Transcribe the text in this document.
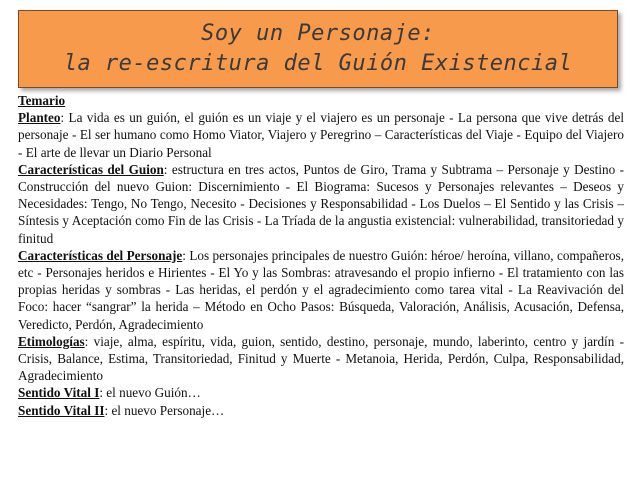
Soy un Personaje:
la re-escritura del Guión Existencial

Temario

Planteo: La vida es un guión, el guión es un viaje y el viajero es un personaje - La persona que vive detrás del personaje - El ser humano como Homo Viator, Viajero y Peregrino – Características del Viaje - Equipo del Viajero - El arte de llevar un Diario Personal

Características del Guion: estructura en tres actos, Puntos de Giro, Trama y Subtrama – Personaje y Destino - Construcción del nuevo Guion: Discernimiento - El Biograma: Sucesos y Personajes relevantes – Deseos y Necesidades: Tengo, No Tengo, Necesito - Decisiones y Responsabilidad - Los Duelos – El Sentido y las Crisis – Síntesis y Aceptación como Fin de las Crisis - La Tríada de la angustia existencial: vulnerabilidad, transitoriedad y finitud

Características del Personaje: Los personajes principales de nuestro Guión: héroe/ heroína, villano, compañeros, etc - Personajes heridos e Hirientes - El Yo y las Sombras: atravesando el propio infierno - El tratamiento con las propias heridas y sombras - Las heridas, el perdón y el agradecimiento como tarea vital - La Reavivación del Foco: hacer “sangrar” la herida – Método en Ocho Pasos: Búsqueda, Valoración, Análisis, Acusación, Defensa, Veredicto, Perdón, Agradecimiento

Etimologías: viaje, alma, espíritu, vida, guion, sentido, destino, personaje, mundo, laberinto, centro y jardín - Crisis, Balance, Estima, Transitoriedad, Finitud y Muerte - Metanoia, Herida, Perdón, Culpa, Responsabilidad, Agradecimiento

Sentido Vital I: el nuevo Guión…

Sentido Vital II: el nuevo Personaje…
